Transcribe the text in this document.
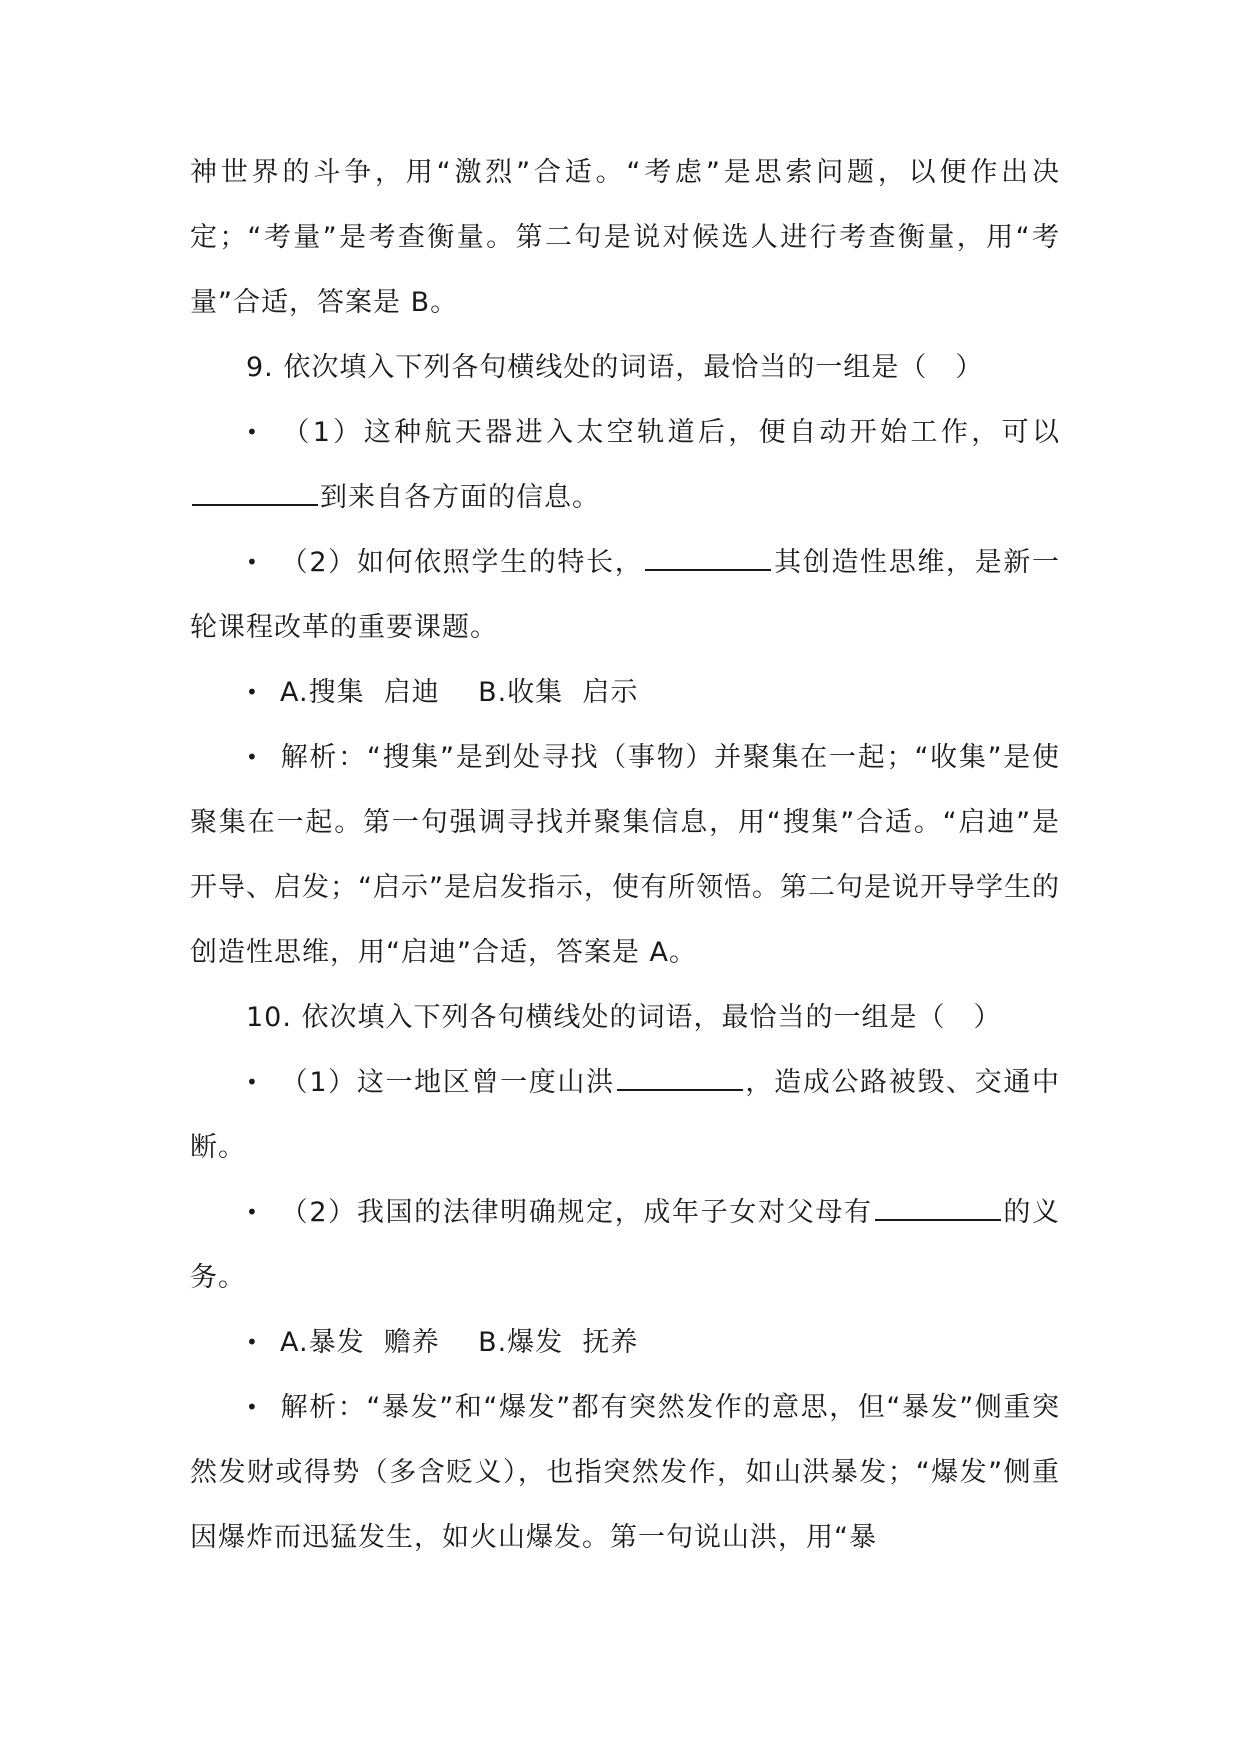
神世界的斗争，用“激烈”合适。“考虑”是思索问题，以便作出决定；“考量”是考查衡量。第二句是说对候选人进行考查衡量，用“考量”合适，答案是 B。

9. 依次填入下列各句横线处的词语，最恰当的一组是（　）

• （1）这种航天器进入太空轨道后，便自动开始工作，可以到来自各方面的信息。

• （2）如何依照学生的特长，	其创造性思维，是新一轮课程改革的重要课题。

• A.搜集  启迪    B.收集  启示

• 解析：“搜集”是到处寻找（事物）并聚集在一起；“收集”是使聚集在一起。第一句强调寻找并聚集信息，用“搜集”合适。“启迪”是开导、启发；“启示”是启发指示，使有所领悟。第二句是说开导学生的创造性思维，用“启迪”合适，答案是 A。

10. 依次填入下列各句横线处的词语，最恰当的一组是（　）

• （1）这一地区曾一度山洪	，造成公路被毁、交通中断。

• （2）我国的法律明确规定，成年子女对父母有	的义务。

• A.暴发  赡养    B.爆发  抚养

• 解析：“暴发”和“爆发”都有突然发作的意思，但“暴发”侧重突然发财或得势（多含贬义），也指突然发作，如山洪暴发；“爆发”侧重因爆炸而迅猛发生，如火山爆发。第一句说山洪，用“暴
